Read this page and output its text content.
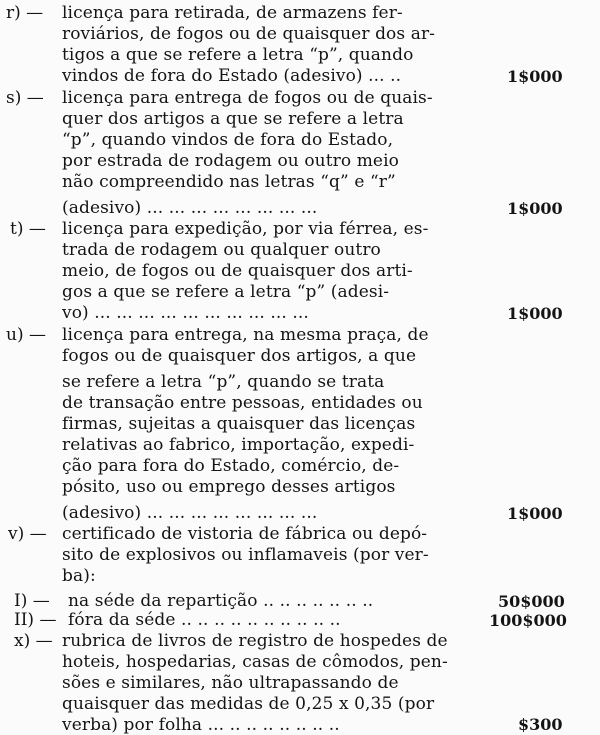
r) — licença para retirada, de armazens fer-
roviários, de fogos ou de quaisquer dos ar-
tigos a que se refere a letra “p”, quando
vindos de fora do Estado (adesivo) ... ..	1$000
s) — licença para entrega de fogos ou de quais-
quer dos artigos a que se refere a letra
“p”, quando vindos de fora do Estado,
por estrada de rodagem ou outro meio
não compreendido nas letras “q” e “r”
(adesivo) ... ... ... ... ... ... ... ...	1$000
t) — licença para expedição, por via férrea, es-
trada de rodagem ou qualquer outro
meio, de fogos ou de quaisquer dos arti-
gos a que se refere a letra “p” (adesi-
vo) ... ... ... ... ... ... ... ... ... ...	1$000
u) — licença para entrega, na mesma praça, de
fogos ou de quaisquer dos artigos, a que
se refere a letra “p”, quando se trata
de transação entre pessoas, entidades ou
firmas, sujeitas a quaisquer das licenças
relativas ao fabrico, importação, expedi-
ção para fora do Estado, comércio, de-
pósito, uso ou emprego desses artigos
(adesivo) ... ... ... ... ... ... ... ...	1$000
v) — certificado de vistoria de fábrica ou depó-
sito de explosivos ou inflamaveis (por ver-
ba):
I) — na séde da repartição .. .. .. .. .. .. ..	50$000
II) — fóra da séde .. .. .. .. .. .. .. .. .. ..	100$000
x) — rubrica de livros de registro de hospedes de
hoteis, hospedarias, casas de cômodos, pen-
sões e similares, não ultrapassando de
quaisquer das medidas de 0,25 x 0,35 (por
verba) por folha ... .. .. .. .. .. .. ..	$300
